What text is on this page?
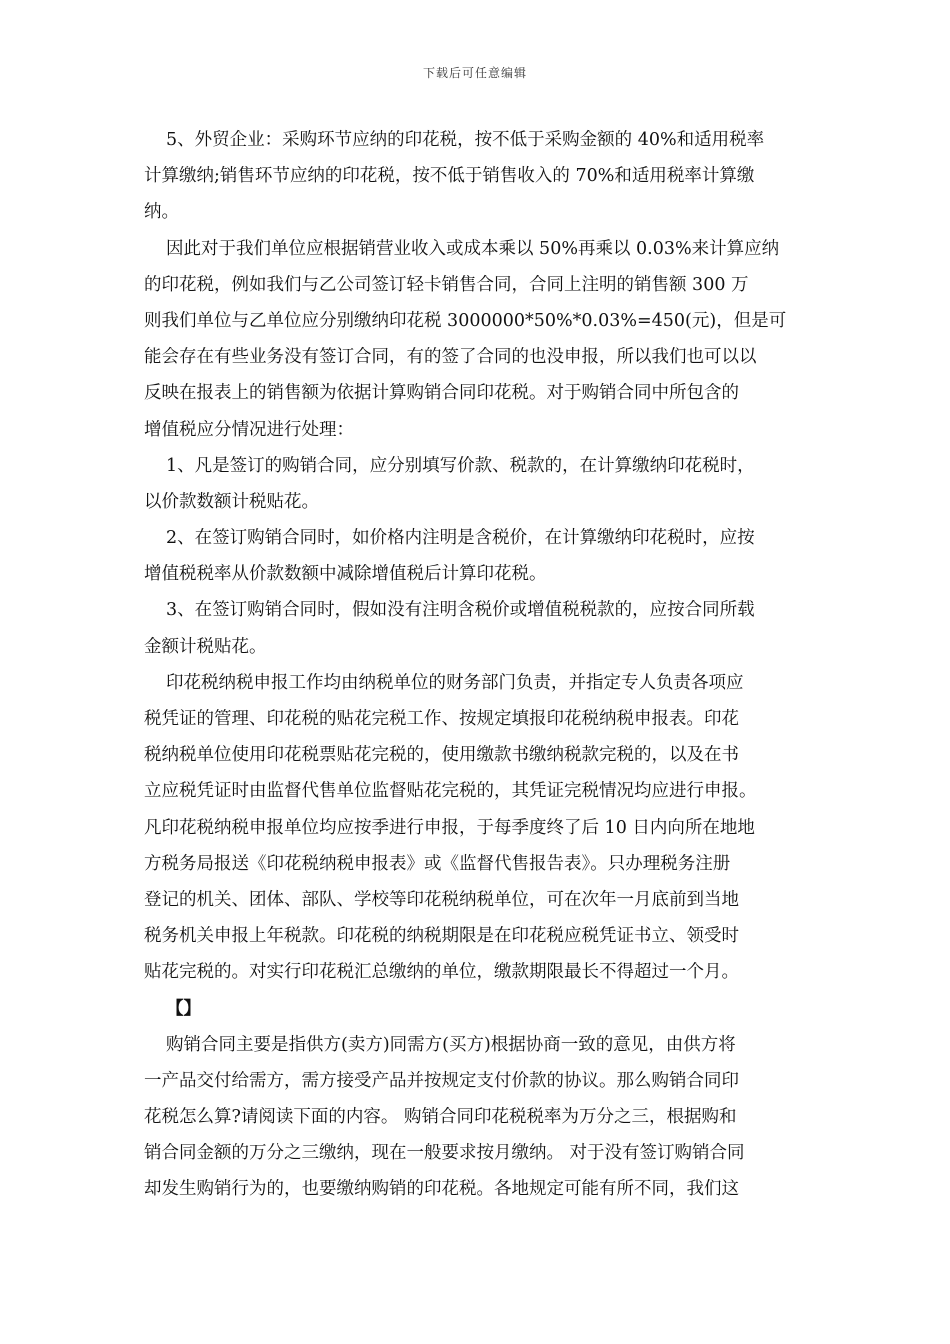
下载后可任意编辑
5、外贸企业：采购环节应纳的印花税，按不低于采购金额的 40%和适用税率
计算缴纳;销售环节应纳的印花税，按不低于销售收入的 70%和适用税率计算缴
纳。
因此对于我们单位应根据销营业收入或成本乘以 50%再乘以 0.03%来计算应纳
的印花税，例如我们与乙公司签订轻卡销售合同，合同上注明的销售额 300 万
则我们单位与乙单位应分别缴纳印花税 3000000*50%*0.03%=450(元)，但是可
能会存在有些业务没有签订合同，有的签了合同的也没申报，所以我们也可以以
反映在报表上的销售额为依据计算购销合同印花税。对于购销合同中所包含的
增值税应分情况进行处理：
1、凡是签订的购销合同，应分别填写价款、税款的，在计算缴纳印花税时，
以价款数额计税贴花。
2、在签订购销合同时，如价格内注明是含税价，在计算缴纳印花税时，应按
增值税税率从价款数额中减除增值税后计算印花税。
3、在签订购销合同时，假如没有注明含税价或增值税税款的，应按合同所载
金额计税贴花。
印花税纳税申报工作均由纳税单位的财务部门负责，并指定专人负责各项应
税凭证的管理、印花税的贴花完税工作、按规定填报印花税纳税申报表。印花
税纳税单位使用印花税票贴花完税的，使用缴款书缴纳税款完税的，以及在书
立应税凭证时由监督代售单位监督贴花完税的，其凭证完税情况均应进行申报。
凡印花税纳税申报单位均应按季进行申报，于每季度终了后 10 日内向所在地地
方税务局报送《印花税纳税申报表》或《监督代售报告表》。只办理税务注册
登记的机关、团体、部队、学校等印花税纳税单位，可在次年一月底前到当地
税务机关申报上年税款。印花税的纳税期限是在印花税应税凭证书立、领受时
贴花完税的。对实行印花税汇总缴纳的单位，缴款期限最长不得超过一个月。
【】
购销合同主要是指供方(卖方)同需方(买方)根据协商一致的意见，由供方将
一产品交付给需方，需方接受产品并按规定支付价款的协议。那么购销合同印
花税怎么算?请阅读下面的内容。 购销合同印花税税率为万分之三，根据购和
销合同金额的万分之三缴纳，现在一般要求按月缴纳。 对于没有签订购销合同
却发生购销行为的，也要缴纳购销的印花税。各地规定可能有所不同，我们这
